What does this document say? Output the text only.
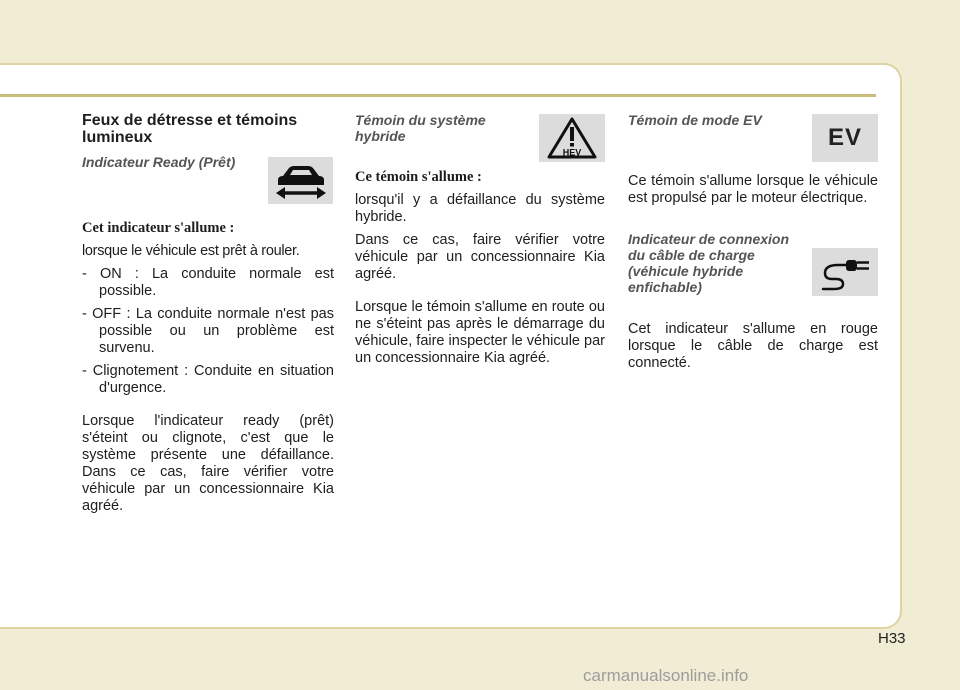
Feux de détresse et témoins lumineux
Indicateur Ready (Prêt)
Cet indicateur s'allume :

lorsque le véhicule est prêt à rouler.

- ON : La conduite normale est possible.
- OFF : La conduite normale n'est pas possible ou un problème est survenu.
- Clignotement : Conduite en situation d'urgence.

Lorsque l'indicateur ready (prêt) s'éteint ou clignote, c'est que le système présente une défaillance. Dans ce cas, faire vérifier votre véhicule par un concessionnaire Kia agréé.

Témoin du système hybride
Ce témoin s'allume :

lorsqu'il y a défaillance du système hybride.

Dans ce cas, faire vérifier votre véhicule par un concessionnaire Kia agréé.

Lorsque le témoin s'allume en route ou ne s'éteint pas après le démarrage du véhicule, faire inspecter le véhicule par un concessionnaire Kia agréé.

HEV
Témoin de mode EV

Ce témoin s'allume lorsque le véhicule est propulsé par le moteur électrique.

Indicateur de connexion du câble de charge (véhicule hybride enfichable)

Cet indicateur s'allume en rouge lorsque le câble de charge est connecté.

EV
H33
carmanualsonline.info
